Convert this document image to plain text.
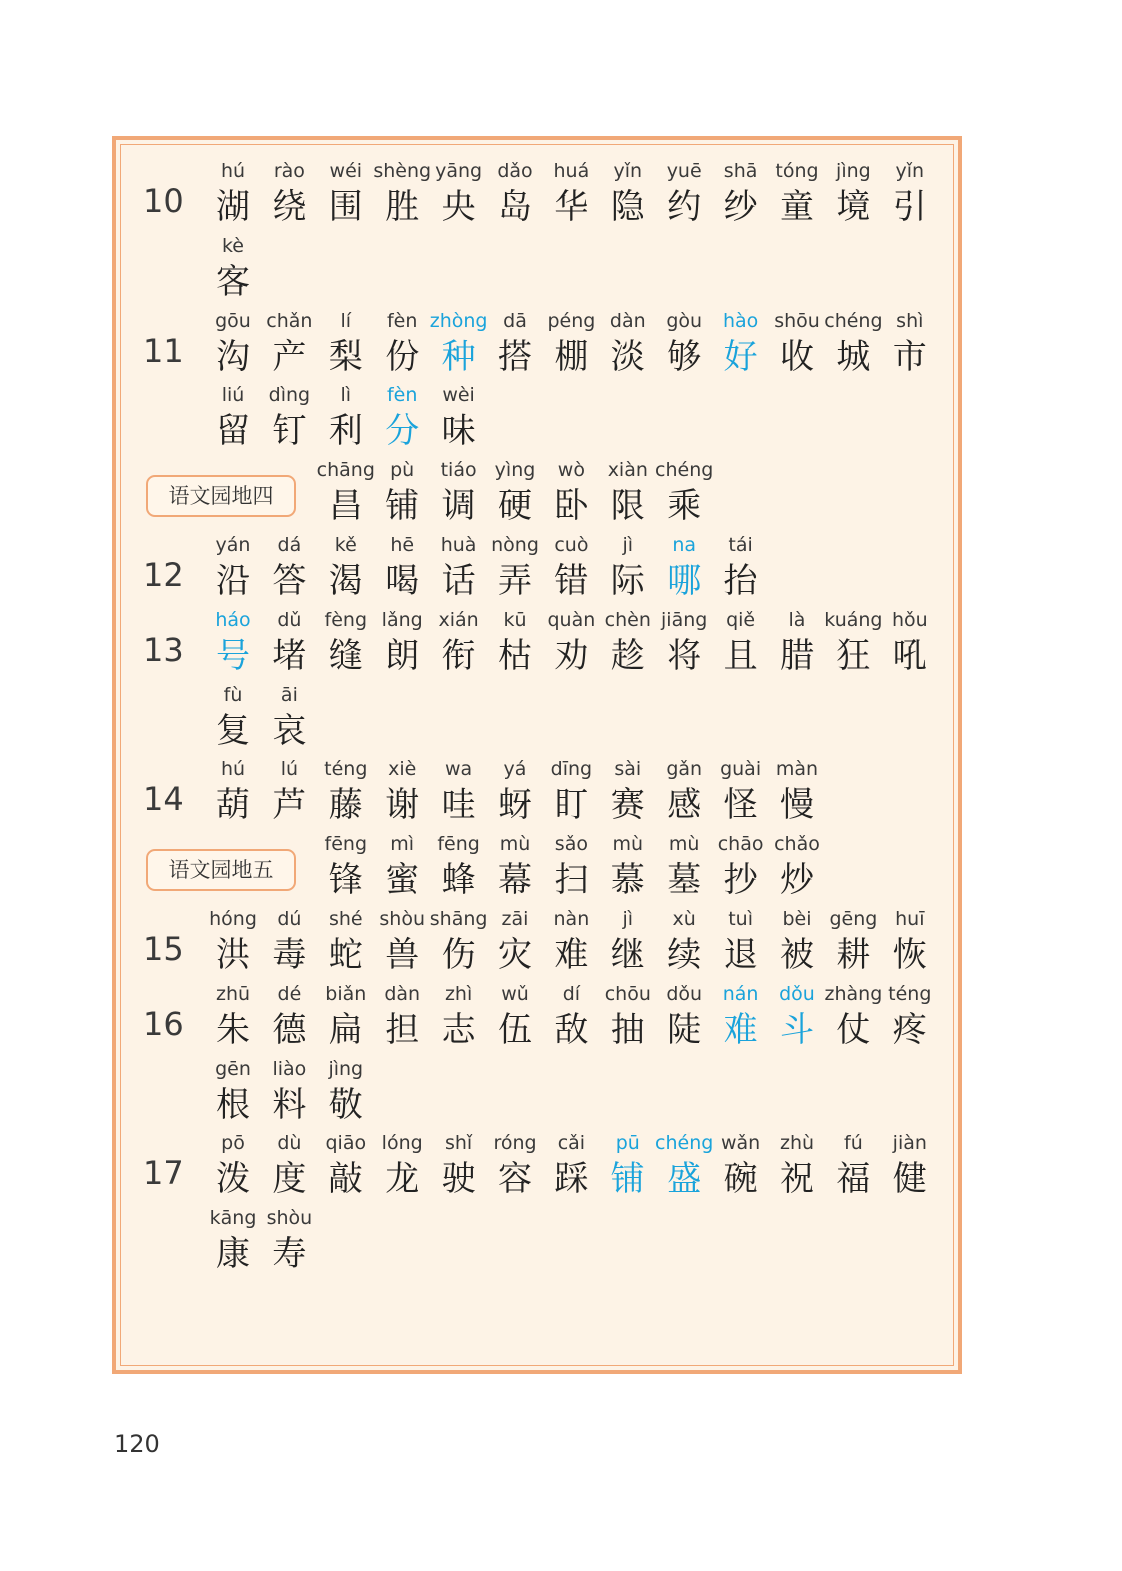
10
hú
湖
rào
绕
wéi
围
shèng
胜
yāng
央
dǎo
岛
huá
华
yǐn
隐
yuē
约
shā
纱
tóng
童
jìng
境
yǐn
引
kè
客
11
gōu
沟
chǎn
产
lí
梨
fèn
份
zhòng
种
dā
搭
péng
棚
dàn
淡
gòu
够
hào
好
shōu
收
chéng
城
shì
市
liú
留
dìng
钉
lì
利
fèn
分
wèi
味
语文园地四
chāng
昌
pù
铺
tiáo
调
yìng
硬
wò
卧
xiàn
限
chéng
乘
12
yán
沿
dá
答
kě
渴
hē
喝
huà
话
nòng
弄
cuò
错
jì
际
na
哪
tái
抬
13
háo
号
dǔ
堵
fèng
缝
lǎng
朗
xián
衔
kū
枯
quàn
劝
chèn
趁
jiāng
将
qiě
且
là
腊
kuáng
狂
hǒu
吼
fù
复
āi
哀
14
hú
葫
lú
芦
téng
藤
xiè
谢
wa
哇
yá
蚜
dīng
盯
sài
赛
gǎn
感
guài
怪
màn
慢
语文园地五
fēng
锋
mì
蜜
fēng
蜂
mù
幕
sǎo
扫
mù
慕
mù
墓
chāo
抄
chǎo
炒
15
hóng
洪
dú
毒
shé
蛇
shòu
兽
shāng
伤
zāi
灾
nàn
难
jì
继
xù
续
tuì
退
bèi
被
gēng
耕
huī
恢
16
zhū
朱
dé
德
biǎn
扁
dàn
担
zhì
志
wǔ
伍
dí
敌
chōu
抽
dǒu
陡
nán
难
dǒu
斗
zhàng
仗
téng
疼
gēn
根
liào
料
jìng
敬
17
pō
泼
dù
度
qiāo
敲
lóng
龙
shǐ
驶
róng
容
cǎi
踩
pū
铺
chéng
盛
wǎn
碗
zhù
祝
fú
福
jiàn
健
kāng
康
shòu
寿
120
